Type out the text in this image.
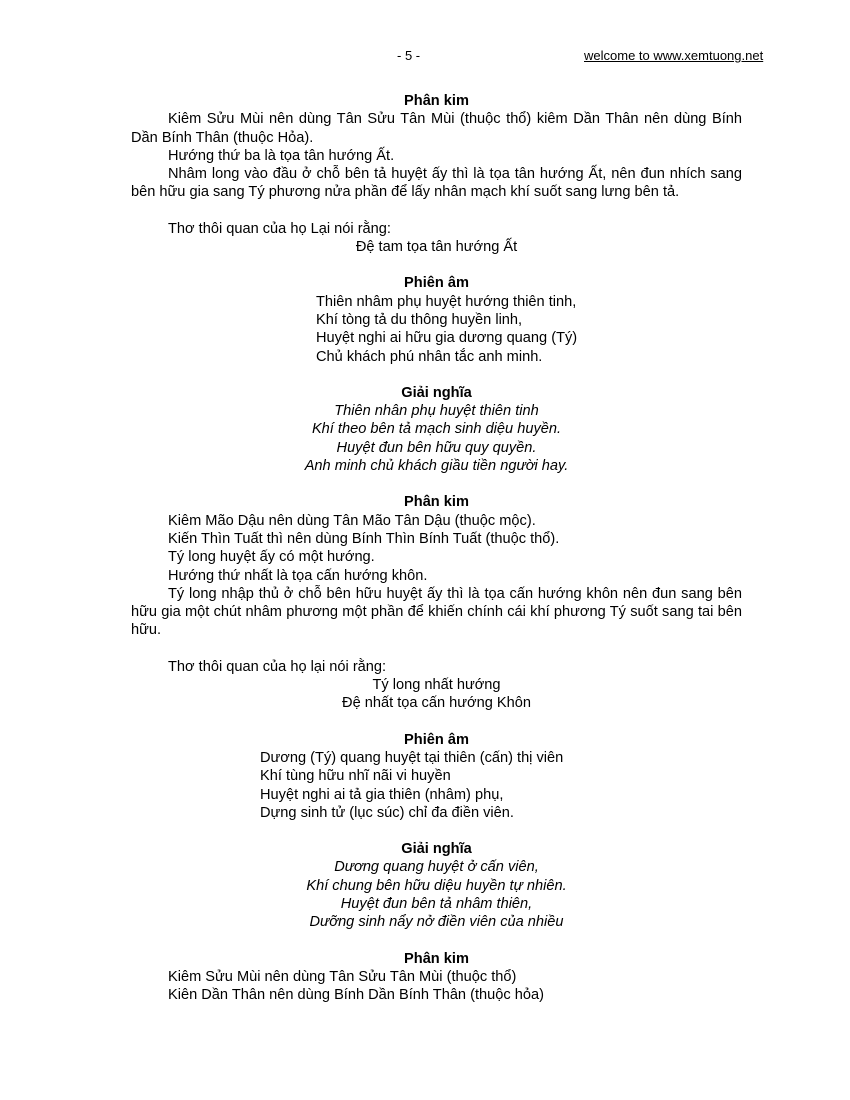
- 5 -	welcome to www.xemtuong.net

Phân kim

Kiêm Sửu Mùi nên dùng Tân Sửu Tân Mùi (thuộc thổ) kiêm Dần Thân nên dùng Bính Dần Bính Thân (thuộc Hỏa).

Hướng thứ ba là tọa tân hướng Ất.

Nhâm long vào đầu ở chỗ bên tả huyệt ấy thì là tọa tân hướng Ất, nên đun nhích sang bên hữu gia sang Tý phương nửa phần để lấy nhân mạch khí suốt sang lưng bên tả.

Thơ thôi quan của họ Lại nói rằng:

Đệ tam tọa tân hướng Ất

Phiên âm

Thiên nhâm phụ huyệt hướng thiên tinh,

Khí tòng tả du thông huyền linh,

Huyệt nghi ai hữu gia dương quang (Tý)

Chủ khách phú nhân tắc anh minh.

Giải nghĩa

Thiên nhân phụ huyệt thiên tinh

Khí theo bên tả mạch sinh diệu huyền.

Huyệt đun bên hữu quy quyền.

Anh minh chủ khách giầu tiền người hay.

Phân kim

Kiêm Mão Dậu nên dùng Tân Mão Tân Dậu (thuộc mộc).

Kiến Thìn Tuất thì nên dùng Bính Thìn Bính Tuất (thuộc thổ).

Tý long huyệt ấy có một hướng.

Hướng thứ nhất là tọa cấn hướng khôn.

Tý long nhập thủ ở chỗ bên hữu huyệt ấy thì là tọa cấn hướng khôn nên đun sang bên hữu gia một chút nhâm phương một phần để khiến chính cái khí phương Tý suốt sang tai bên hữu.

Thơ thôi quan của họ lại nói rằng:

Tý long nhất hướng

Đệ nhất tọa cấn hướng Khôn

Phiên âm

Dương (Tý) quang huyệt tại thiên (cấn) thị viên

Khí tùng hữu nhĩ nãi vi huyền

Huyệt nghi ai tả gia thiên (nhâm) phụ,

Dựng sinh tử (lục súc) chỉ đa điền viên.

Giải nghĩa

Dương quang huyệt ở cấn viên,

Khí chung bên hữu diệu huyền tự nhiên.

Huyệt đun bên tả nhâm thiên,

Dưỡng sinh nẩy nở điền viên của nhiều

Phân kim

Kiêm Sửu Mùi nên dùng Tân Sửu Tân Mùi (thuộc thổ)

Kiên Dần Thân nên dùng Bính Dần Bính Thân (thuộc hỏa)
